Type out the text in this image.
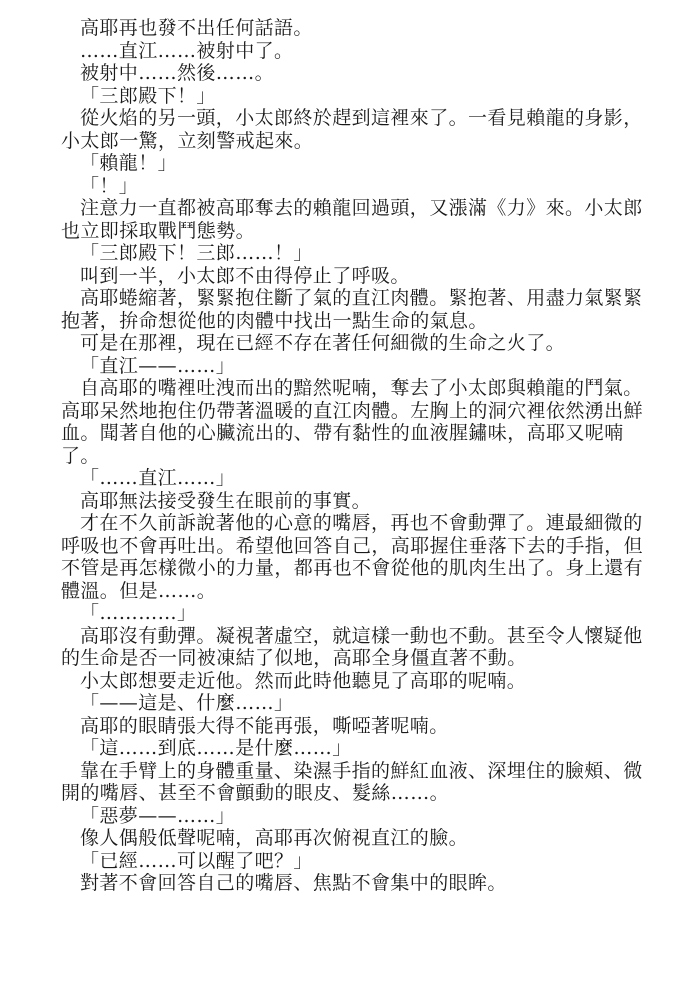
高耶再也發不出任何話語。

……直江……被射中了。

被射中……然後……。

「三郎殿下！」

從火焰的另一頭，小太郎終於趕到這裡來了。一看見賴龍的身影，小太郎一驚，立刻警戒起來。

「賴龍！」

「！」

注意力一直都被高耶奪去的賴龍回過頭，又漲滿《力》來。小太郎也立即採取戰鬥態勢。

「三郎殿下！三郎……！」

叫到一半，小太郎不由得停止了呼吸。

高耶蜷縮著，緊緊抱住斷了氣的直江肉體。緊抱著、用盡力氣緊緊抱著，拚命想從他的肉體中找出一點生命的氣息。

可是在那裡，現在已經不存在著任何細微的生命之火了。

「直江——……」

自高耶的嘴裡吐洩而出的黯然呢喃，奪去了小太郎與賴龍的鬥氣。高耶呆然地抱住仍帶著溫暖的直江肉體。左胸上的洞穴裡依然湧出鮮血。聞著自他的心臟流出的、帶有黏性的血液腥鏽味，高耶又呢喃了。

「……直江……」

高耶無法接受發生在眼前的事實。

才在不久前訴說著他的心意的嘴唇，再也不會動彈了。連最細微的呼吸也不會再吐出。希望他回答自己，高耶握住垂落下去的手指，但不管是再怎樣微小的力量，都再也不會從他的肌肉生出了。身上還有體溫。但是……。

「…………」

高耶沒有動彈。凝視著虛空，就這樣一動也不動。甚至令人懷疑他的生命是否一同被凍結了似地，高耶全身僵直著不動。

小太郎想要走近他。然而此時他聽見了高耶的呢喃。

「——這是、什麼……」

高耶的眼睛張大得不能再張，嘶啞著呢喃。

「這……到底……是什麼……」

靠在手臂上的身體重量、染濕手指的鮮紅血液、深埋住的臉頰、微開的嘴唇、甚至不會顫動的眼皮、髮絲……。

「惡夢——……」

像人偶般低聲呢喃，高耶再次俯視直江的臉。

「已經……可以醒了吧？」

對著不會回答自己的嘴唇、焦點不會集中的眼眸。
